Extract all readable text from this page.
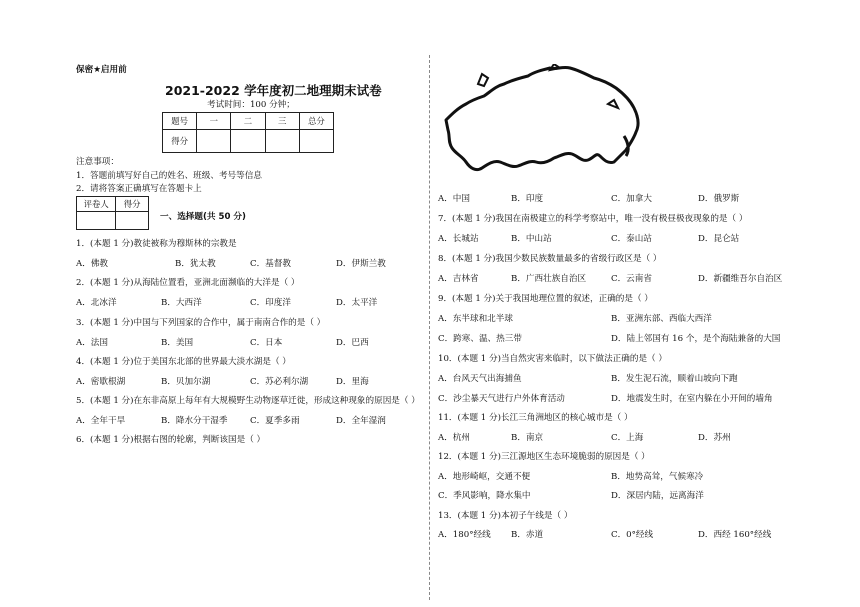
保密★启用前
2021-2022 学年度初二地理期末试卷
考试时间：100 分钟；
题号	一	二	三	总分
得分				
注意事项：
1．答题前填写好自己的姓名、班级、考号等信息
2．请将答案正确填写在答题卡上
评卷人	得分

一、选择题(共 50 分)
1．(本题 1 分)教徒被称为穆斯林的宗教是
A．佛教	B．犹太教	C．基督教	D．伊斯兰教
2．(本题 1 分)从海陆位置看，亚洲北面濒临的大洋是（ ）
A．北冰洋	B．大西洋	C．印度洋	D．太平洋
3．(本题 1 分)中国与下列国家的合作中，属于南南合作的是（ ）
A．法国	B．美国	C．日本	D．巴西
4．(本题 1 分)位于美国东北部的世界最大淡水湖是（ ）
A．密歇根湖	B．贝加尔湖	C．苏必利尔湖	D．里海
5．(本题 1 分)在东非高原上每年有大规模野生动物逐草迁徙，形成这种现象的原因是（ ）
A．全年干旱	B．降水分干湿季	C．夏季多雨	D．全年湿润
6．(本题 1 分)根据右图的轮廓，判断该国是（ ）
A．中国	B．印度	C．加拿大	D．俄罗斯
7．(本题 1 分)我国在南极建立的科学考察站中，唯一没有极昼极夜现象的是（ ）
A．长城站	B．中山站	C．泰山站	D．昆仑站
8．(本题 1 分)我国少数民族数量最多的省级行政区是（ ）
A．吉林省	B．广西壮族自治区	C．云南省	D．新疆维吾尔自治区
9．(本题 1 分)关于我国地理位置的叙述，正确的是（ ）
A．东半球和北半球	B．亚洲东部、西临大西洋
C．跨寒、温、热三带	D．陆上邻国有 16 个，是个海陆兼备的大国
10．(本题 1 分)当自然灾害来临时，以下做法正确的是（ ）
A．台风天气出海捕鱼	B．发生泥石流，顺着山坡向下跑
C．沙尘暴天气进行户外体育活动	D．地震发生时，在室内躲在小开间的墙角
11．(本题 1 分)长江三角洲地区的核心城市是（ ）
A．杭州	B．南京	C．上海	D．苏州
12．(本题 1 分)三江源地区生态环境脆弱的原因是（ ）
A．地形崎岖，交通不便	B．地势高耸，气候寒冷
C．季风影响，降水集中	D．深居内陆，远离海洋
13．(本题 1 分)本初子午线是（ ）
A．180°经线 B．赤道	C．0°经线	D．西经 160°经线
